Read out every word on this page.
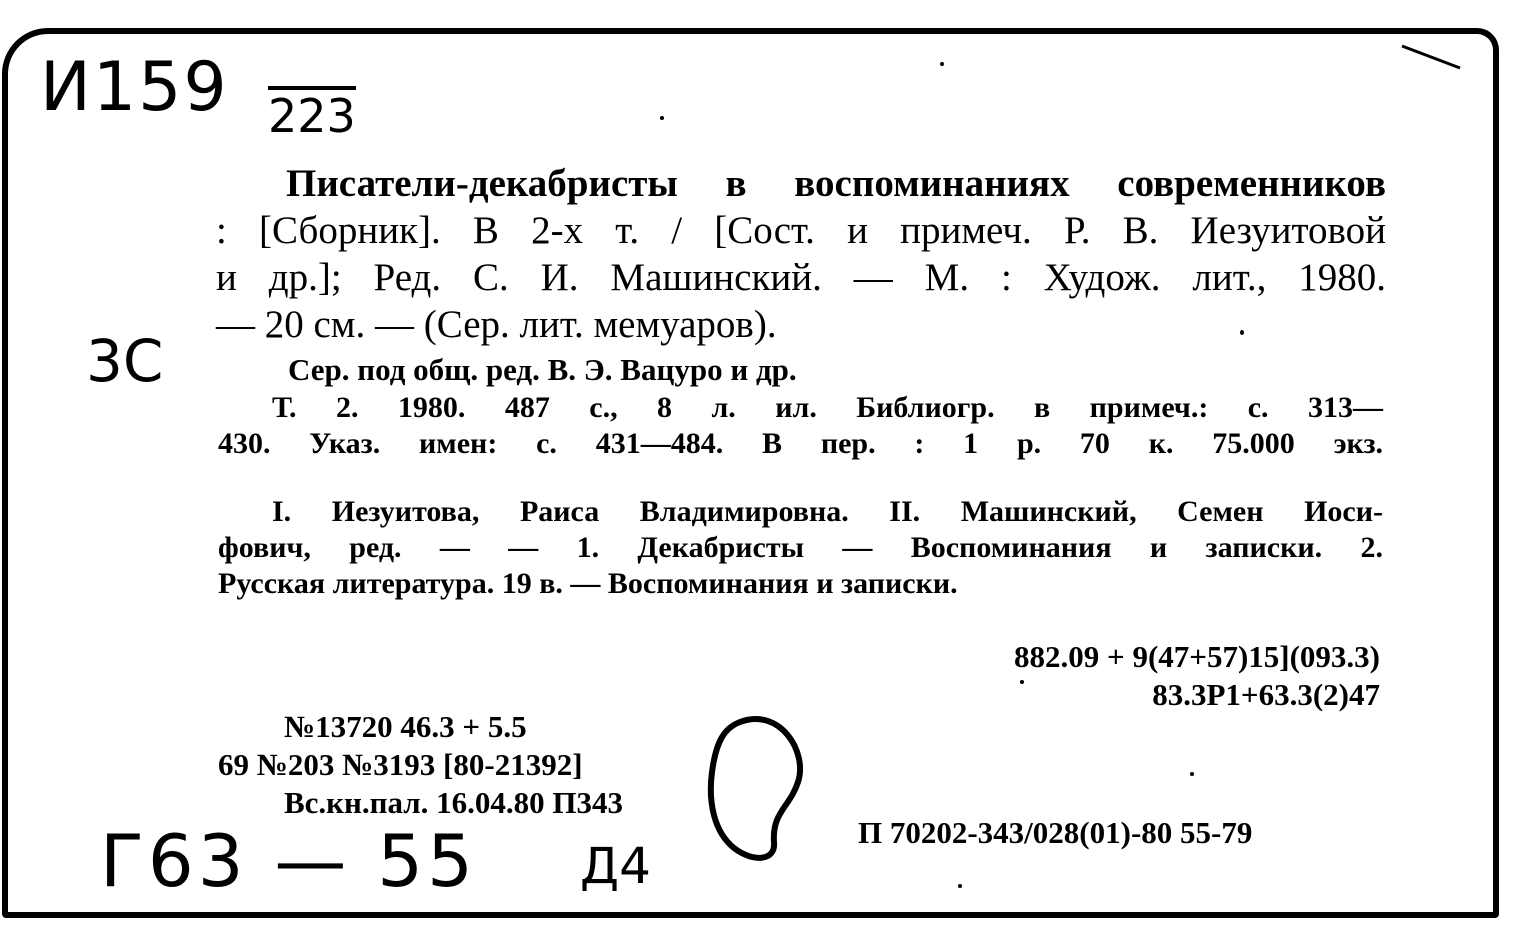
И159 223
3С
Писатели-декабристы в воспоминаниях современников
: [Сборник]. В 2-х т. / [Сост. и примеч. Р. В. Иезуитовой
и др.]; Ред. С. И. Машинский. — М. : Худож. лит., 1980.
— 20 см. — (Сер. лит. мемуаров).
Сер. под общ. ред. В. Э. Вацуро и др.
Т. 2. 1980. 487 с., 8 л. ил. Библиогр. в примеч.: с. 313—
430. Указ. имен: с. 431—484. В пер. : 1 р. 70 к. 75.000 экз.
I. Иезуитова, Раиса Владимировна. II. Машинский, Семен Иоси-
фович, ред. — — 1. Декабристы — Воспоминания и записки. 2.
Русская литература. 19 в. — Воспоминания и записки.
882.09 + 9(47+57)15](093.3)
83.3Р1+63.3(2)47
№13720 46.3 + 5.5
69 №203 №3193 [80-21392]
Вс.кн.пал. 16.04.80 П343
П 70202-343/028(01)-80 55-79
Г63 — 55 Д4
